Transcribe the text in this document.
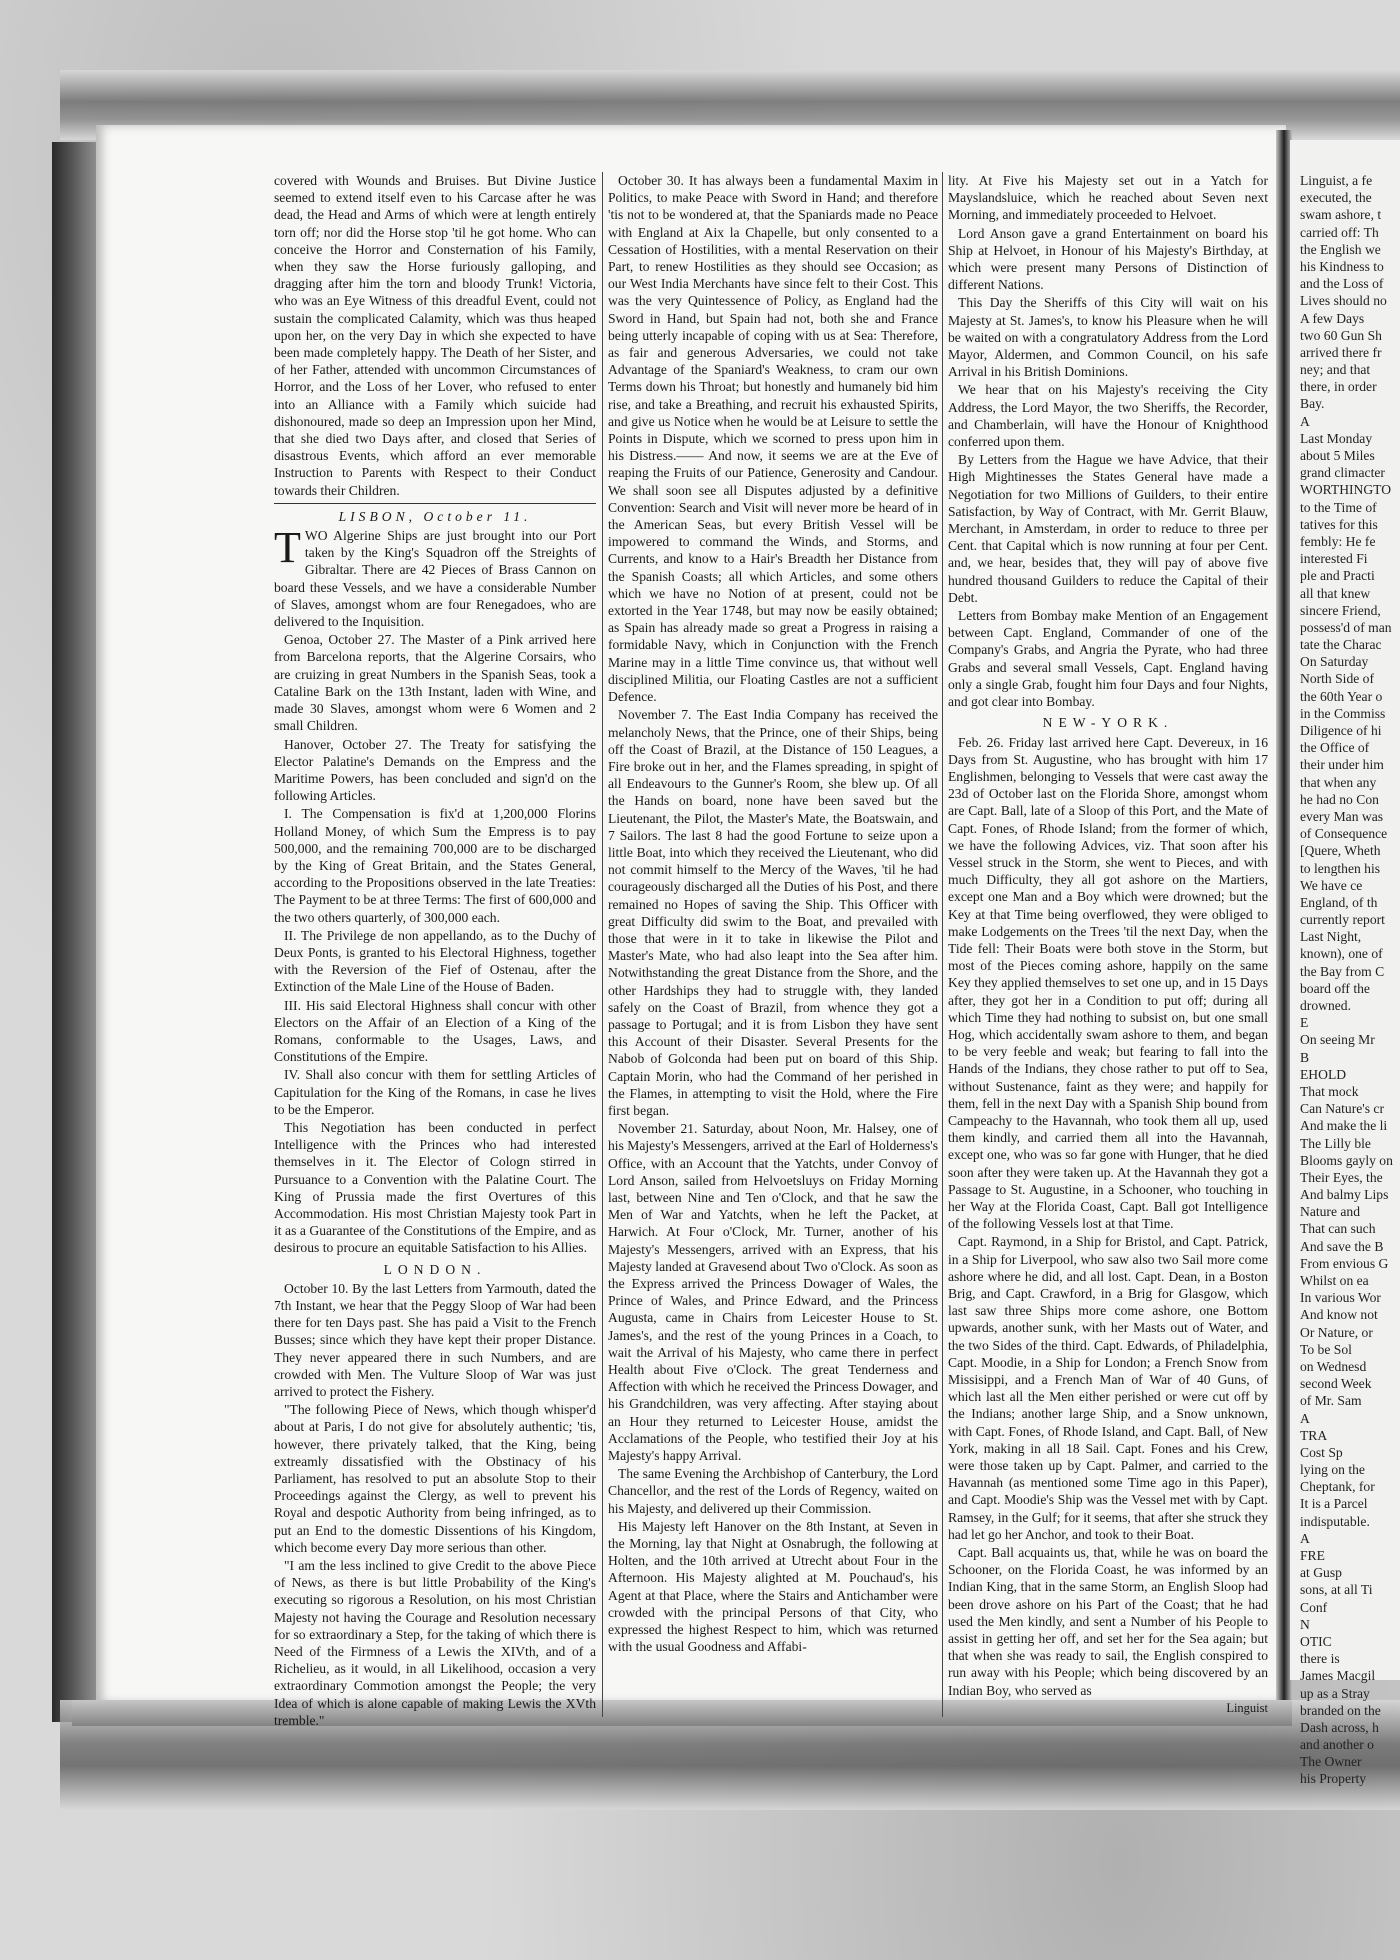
covered with Wounds and Bruises. But Divine Justice seemed to extend itself even to his Carcase after he was dead, the Head and Arms of which were at length entirely torn off; nor did the Horse stop 'til he got home. Who can conceive the Horror and Consternation of his Family, when they saw the Horse furiously galloping, and dragging after him the torn and bloody Trunk! Victoria, who was an Eye Witness of this dreadful Event, could not sustain the complicated Calamity, which was thus heaped upon her, on the very Day in which she expected to have been made completely happy. The Death of her Sister, and of her Father, attended with uncommon Circumstances of Horror, and the Loss of her Lover, who refused to enter into an Alliance with a Family which suicide had dishonoured, made so deep an Impression upon her Mind, that she died two Days after, and closed that Series of disastrous Events, which afford an ever memorable Instruction to Parents with Respect to their Conduct towards their Children.

LISBON, October 11.

TWO Algerine Ships are just brought into our Port taken by the King's Squadron off the Streights of Gibraltar. There are 42 Pieces of Brass Cannon on board these Vessels, and we have a considerable Number of Slaves, amongst whom are four Renegadoes, who are delivered to the Inquisition.

Genoa, October 27. The Master of a Pink arrived here from Barcelona reports, that the Algerine Corsairs, who are cruizing in great Numbers in the Spanish Seas, took a Cataline Bark on the 13th Instant, laden with Wine, and made 30 Slaves, amongst whom were 6 Women and 2 small Children.

Hanover, October 27. The Treaty for satisfying the Elector Palatine's Demands on the Empress and the Maritime Powers, has been concluded and sign'd on the following Articles.

I. The Compensation is fix'd at 1,200,000 Florins Holland Money, of which Sum the Empress is to pay 500,000, and the remaining 700,000 are to be discharged by the King of Great Britain, and the States General, according to the Propositions observed in the late Treaties: The Payment to be at three Terms: The first of 600,000 and the two others quarterly, of 300,000 each.

II. The Privilege de non appellando, as to the Duchy of Deux Ponts, is granted to his Electoral Highness, together with the Reversion of the Fief of Ostenau, after the Extinction of the Male Line of the House of Baden.

III. His said Electoral Highness shall concur with other Electors on the Affair of an Election of a King of the Romans, conformable to the Usages, Laws, and Constitutions of the Empire.

IV. Shall also concur with them for settling Articles of Capitulation for the King of the Romans, in case he lives to be the Emperor.

This Negotiation has been conducted in perfect Intelligence with the Princes who had interested themselves in it. The Elector of Cologn stirred in Pursuance to a Convention with the Palatine Court. The King of Prussia made the first Overtures of this Accommodation. His most Christian Majesty took Part in it as a Guarantee of the Constitutions of the Empire, and as desirous to procure an equitable Satisfaction to his Allies.

LONDON.

October 10. By the last Letters from Yarmouth, dated the 7th Instant, we hear that the Peggy Sloop of War had been there for ten Days past. She has paid a Visit to the French Busses; since which they have kept their proper Distance. They never appeared there in such Numbers, and are crowded with Men. The Vulture Sloop of War was just arrived to protect the Fishery.

"The following Piece of News, which though whisper'd about at Paris, I do not give for absolutely authentic; 'tis, however, there privately talked, that the King, being extreamly dissatisfied with the Obstinacy of his Parliament, has resolved to put an absolute Stop to their Proceedings against the Clergy, as well to prevent his Royal and despotic Authority from being infringed, as to put an End to the domestic Dissentions of his Kingdom, which become every Day more serious than other.

"I am the less inclined to give Credit to the above Piece of News, as there is but little Probability of the King's executing so rigorous a Resolution, on his most Christian Majesty not having the Courage and Resolution necessary for so extraordinary a Step, for the taking of which there is Need of the Firmness of a Lewis the XIVth, and of a Richelieu, as it would, in all Likelihood, occasion a very extraordinary Commotion amongst the People; the very Idea of which is alone capable of making Lewis the XVth tremble."

October 30. It has always been a fundamental Maxim in Politics, to make Peace with Sword in Hand; and therefore 'tis not to be wondered at, that the Spaniards made no Peace with England at Aix la Chapelle, but only consented to a Cessation of Hostilities, with a mental Reservation on their Part, to renew Hostilities as they should see Occasion; as our West India Merchants have since felt to their Cost. This was the very Quintessence of Policy, as England had the Sword in Hand, but Spain had not, both she and France being utterly incapable of coping with us at Sea: Therefore, as fair and generous Adversaries, we could not take Advantage of the Spaniard's Weakness, to cram our own Terms down his Throat; but honestly and humanely bid him rise, and take a Breathing, and recruit his exhausted Spirits, and give us Notice when he would be at Leisure to settle the Points in Dispute, which we scorned to press upon him in his Distress.—— And now, it seems we are at the Eve of reaping the Fruits of our Patience, Generosity and Candour. We shall soon see all Disputes adjusted by a definitive Convention: Search and Visit will never more be heard of in the American Seas, but every British Vessel will be impowered to command the Winds, and Storms, and Currents, and know to a Hair's Breadth her Distance from the Spanish Coasts; all which Articles, and some others which we have no Notion of at present, could not be extorted in the Year 1748, but may now be easily obtained; as Spain has already made so great a Progress in raising a formidable Navy, which in Conjunction with the French Marine may in a little Time convince us, that without well disciplined Militia, our Floating Castles are not a sufficient Defence.

November 7. The East India Company has received the melancholy News, that the Prince, one of their Ships, being off the Coast of Brazil, at the Distance of 150 Leagues, a Fire broke out in her, and the Flames spreading, in spight of all Endeavours to the Gunner's Room, she blew up. Of all the Hands on board, none have been saved but the Lieutenant, the Pilot, the Master's Mate, the Boatswain, and 7 Sailors. The last 8 had the good Fortune to seize upon a little Boat, into which they received the Lieutenant, who did not commit himself to the Mercy of the Waves, 'til he had courageously discharged all the Duties of his Post, and there remained no Hopes of saving the Ship. This Officer with great Difficulty did swim to the Boat, and prevailed with those that were in it to take in likewise the Pilot and Master's Mate, who had also leapt into the Sea after him. Notwithstanding the great Distance from the Shore, and the other Hardships they had to struggle with, they landed safely on the Coast of Brazil, from whence they got a passage to Portugal; and it is from Lisbon they have sent this Account of their Disaster. Several Presents for the Nabob of Golconda had been put on board of this Ship. Captain Morin, who had the Command of her perished in the Flames, in attempting to visit the Hold, where the Fire first began.

November 21. Saturday, about Noon, Mr. Halsey, one of his Majesty's Messengers, arrived at the Earl of Holderness's Office, with an Account that the Yatchts, under Convoy of Lord Anson, sailed from Helvoetsluys on Friday Morning last, between Nine and Ten o'Clock, and that he saw the Men of War and Yatchts, when he left the Packet, at Harwich. At Four o'Clock, Mr. Turner, another of his Majesty's Messengers, arrived with an Express, that his Majesty landed at Gravesend about Two o'Clock. As soon as the Express arrived the Princess Dowager of Wales, the Prince of Wales, and Prince Edward, and the Princess Augusta, came in Chairs from Leicester House to St. James's, and the rest of the young Princes in a Coach, to wait the Arrival of his Majesty, who came there in perfect Health about Five o'Clock. The great Tenderness and Affection with which he received the Princess Dowager, and his Grandchildren, was very affecting. After staying about an Hour they returned to Leicester House, amidst the Acclamations of the People, who testified their Joy at his Majesty's happy Arrival.

The same Evening the Archbishop of Canterbury, the Lord Chancellor, and the rest of the Lords of Regency, waited on his Majesty, and delivered up their Commission.

His Majesty left Hanover on the 8th Instant, at Seven in the Morning, lay that Night at Osnabrugh, the following at Holten, and the 10th arrived at Utrecht about Four in the Afternoon. His Majesty alighted at M. Pouchaud's, his Agent at that Place, where the Stairs and Antichamber were crowded with the principal Persons of that City, who expressed the highest Respect to him, which was returned with the usual Goodness and Affabi-

lity. At Five his Majesty set out in a Yatch for Mayslandsluice, which he reached about Seven next Morning, and immediately proceeded to Helvoet.

Lord Anson gave a grand Entertainment on board his Ship at Helvoet, in Honour of his Majesty's Birthday, at which were present many Persons of Distinction of different Nations.

This Day the Sheriffs of this City will wait on his Majesty at St. James's, to know his Pleasure when he will be waited on with a congratulatory Address from the Lord Mayor, Aldermen, and Common Council, on his safe Arrival in his British Dominions.

We hear that on his Majesty's receiving the City Address, the Lord Mayor, the two Sheriffs, the Recorder, and Chamberlain, will have the Honour of Knighthood conferred upon them.

By Letters from the Hague we have Advice, that their High Mightinesses the States General have made a Negotiation for two Millions of Guilders, to their entire Satisfaction, by Way of Contract, with Mr. Gerrit Blauw, Merchant, in Amsterdam, in order to reduce to three per Cent. that Capital which is now running at four per Cent. and, we hear, besides that, they will pay of above five hundred thousand Guilders to reduce the Capital of their Debt.

Letters from Bombay make Mention of an Engagement between Capt. England, Commander of one of the Company's Grabs, and Angria the Pyrate, who had three Grabs and several small Vessels, Capt. England having only a single Grab, fought him four Days and four Nights, and got clear into Bombay.

NEW-YORK.

Feb. 26. Friday last arrived here Capt. Devereux, in 16 Days from St. Augustine, who has brought with him 17 Englishmen, belonging to Vessels that were cast away the 23d of October last on the Florida Shore, amongst whom are Capt. Ball, late of a Sloop of this Port, and the Mate of Capt. Fones, of Rhode Island; from the former of which, we have the following Advices, viz. That soon after his Vessel struck in the Storm, she went to Pieces, and with much Difficulty, they all got ashore on the Martiers, except one Man and a Boy which were drowned; but the Key at that Time being overflowed, they were obliged to make Lodgements on the Trees 'til the next Day, when the Tide fell: Their Boats were both stove in the Storm, but most of the Pieces coming ashore, happily on the same Key they applied themselves to set one up, and in 15 Days after, they got her in a Condition to put off; during all which Time they had nothing to subsist on, but one small Hog, which accidentally swam ashore to them, and began to be very feeble and weak; but fearing to fall into the Hands of the Indians, they chose rather to put off to Sea, without Sustenance, faint as they were; and happily for them, fell in the next Day with a Spanish Ship bound from Campeachy to the Havannah, who took them all up, used them kindly, and carried them all into the Havannah, except one, who was so far gone with Hunger, that he died soon after they were taken up. At the Havannah they got a Passage to St. Augustine, in a Schooner, who touching in her Way at the Florida Coast, Capt. Ball got Intelligence of the following Vessels lost at that Time.

Capt. Raymond, in a Ship for Bristol, and Capt. Patrick, in a Ship for Liverpool, who saw also two Sail more come ashore where he did, and all lost. Capt. Dean, in a Boston Brig, and Capt. Crawford, in a Brig for Glasgow, which last saw three Ships more come ashore, one Bottom upwards, another sunk, with her Masts out of Water, and the two Sides of the third. Capt. Edwards, of Philadelphia, Capt. Moodie, in a Ship for London; a French Snow from Missisippi, and a French Man of War of 40 Guns, of which last all the Men either perished or were cut off by the Indians; another large Ship, and a Snow unknown, with Capt. Fones, of Rhode Island, and Capt. Ball, of New York, making in all 18 Sail. Capt. Fones and his Crew, were those taken up by Capt. Palmer, and carried to the Havannah (as mentioned some Time ago in this Paper), and Capt. Moodie's Ship was the Vessel met with by Capt. Ramsey, in the Gulf; for it seems, that after she struck they had let go her Anchor, and took to their Boat.

Capt. Ball acquaints us, that, while he was on board the Schooner, on the Florida Coast, he was informed by an Indian King, that in the same Storm, an English Sloop had been drove ashore on his Part of the Coast; that he had used the Men kindly, and sent a Number of his People to assist in getting her off, and set her for the Sea again; but that when she was ready to sail, the English conspired to run away with his People; which being discovered by an Indian Boy, who served as

Linguist
Linguist, a fe
executed, the
swam ashore, t
carried off: Th
the English we
his Kindness to
and the Loss of
Lives should no
A few Days
two 60 Gun Sh
arrived there fr
ney; and that
there, in order
Bay.
A
Last Monday
about 5 Miles
grand climacter
WORTHINGTO
to the Time of
tatives for this
fembly: He fe
interested Fi
ple and Practi
all that knew
sincere Friend,
possess'd of man
tate the Charac
On Saturday
North Side of
the 60th Year o
in the Commiss
Diligence of hi
the Office of
their under him
that when any
he had no Con
every Man was
of Consequence
[Quere, Wheth
to lengthen his
We have ce
England, of th
currently report
Last Night,
known), one of
the Bay from C
board off the
drowned.
E
On seeing Mr
B
EHOLD
That mock
Can Nature's cr
And make the li
The Lilly ble
Blooms gayly on
Their Eyes, the
And balmy Lips
Nature and
That can such
And save the B
From envious G
Whilst on ea
In various Wor
And know not
Or Nature, or
To be Sol
on Wednesd
second Week
of Mr. Sam
A
TRA
Cost Sp
lying on the
Cheptank, for
It is a Parcel
indisputable.
A
FRE
at Gusp
sons, at all Ti
Conf
N
OTIC
there is
James Macgil
up as a Stray
branded on the
Dash across, h
and another o
The Owner
his Property
